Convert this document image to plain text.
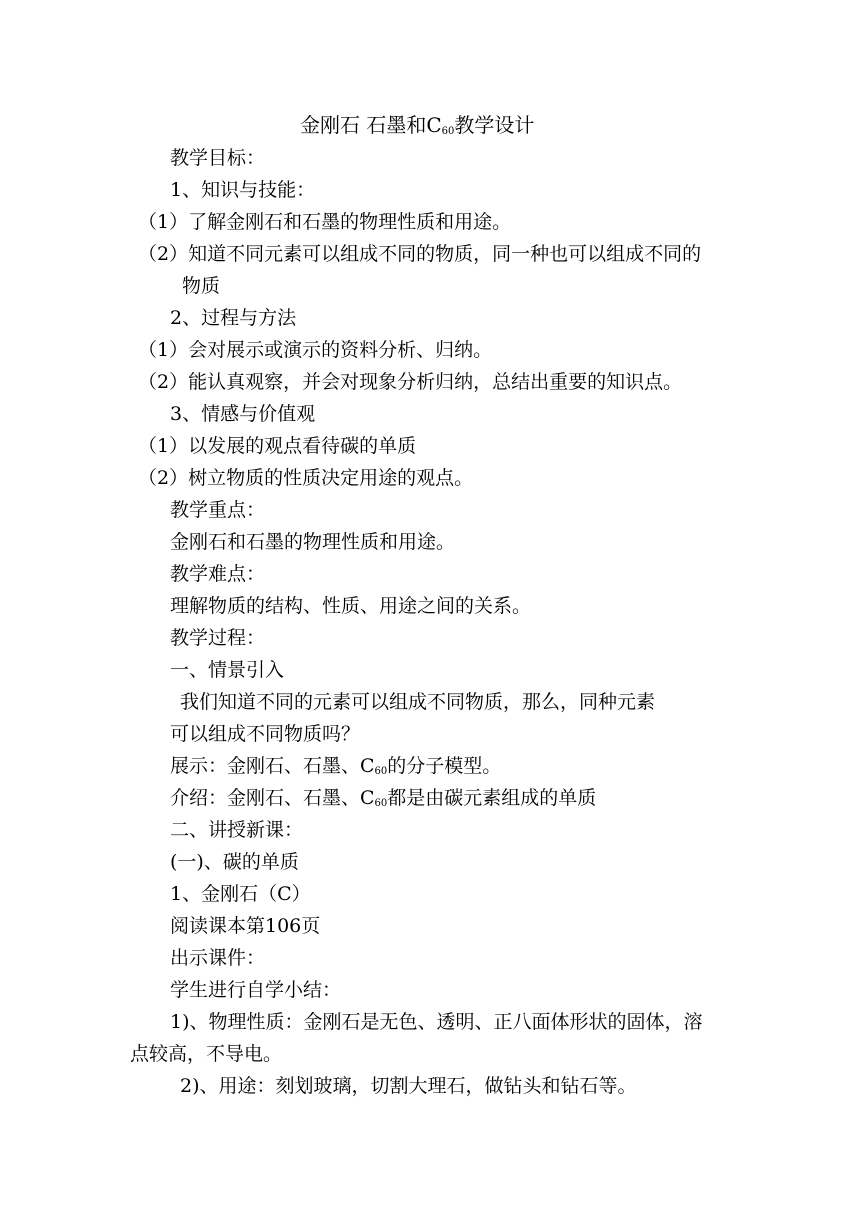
金刚石 石墨和$C_{60}$教学设计
教学目标：
1、知识与技能：
（1）了解金刚石和石墨的物理性质和用途。
（2）知道不同元素可以组成不同的物质，同一种也可以组成不同的
物质
2、过程与方法
（1）会对展示或演示的资料分析、归纳。
（2）能认真观察，并会对现象分析归纳，总结出重要的知识点。
3、情感与价值观
（1）以发展的观点看待碳的单质
（2）树立物质的性质决定用途的观点。
教学重点：
金刚石和石墨的物理性质和用途。
教学难点：
理解物质的结构、性质、用途之间的关系。
教学过程：
一、情景引入
我们知道不同的元素可以组成不同物质，那么，同种元素
可以组成不同物质吗？
展示：金刚石、石墨、$C_{60}$的分子模型。
介绍：金刚石、石墨、$C_{60}$都是由碳元素组成的单质
二、讲授新课：
(一)、碳的单质
1、金刚石（C）
阅读课本第106页
出示课件：
学生进行自学小结：
1)、物理性质：金刚石是无色、透明、正八面体形状的固体，溶
点较高，不导电。
2)、用途：刻划玻璃，切割大理石，做钻头和钻石等。
